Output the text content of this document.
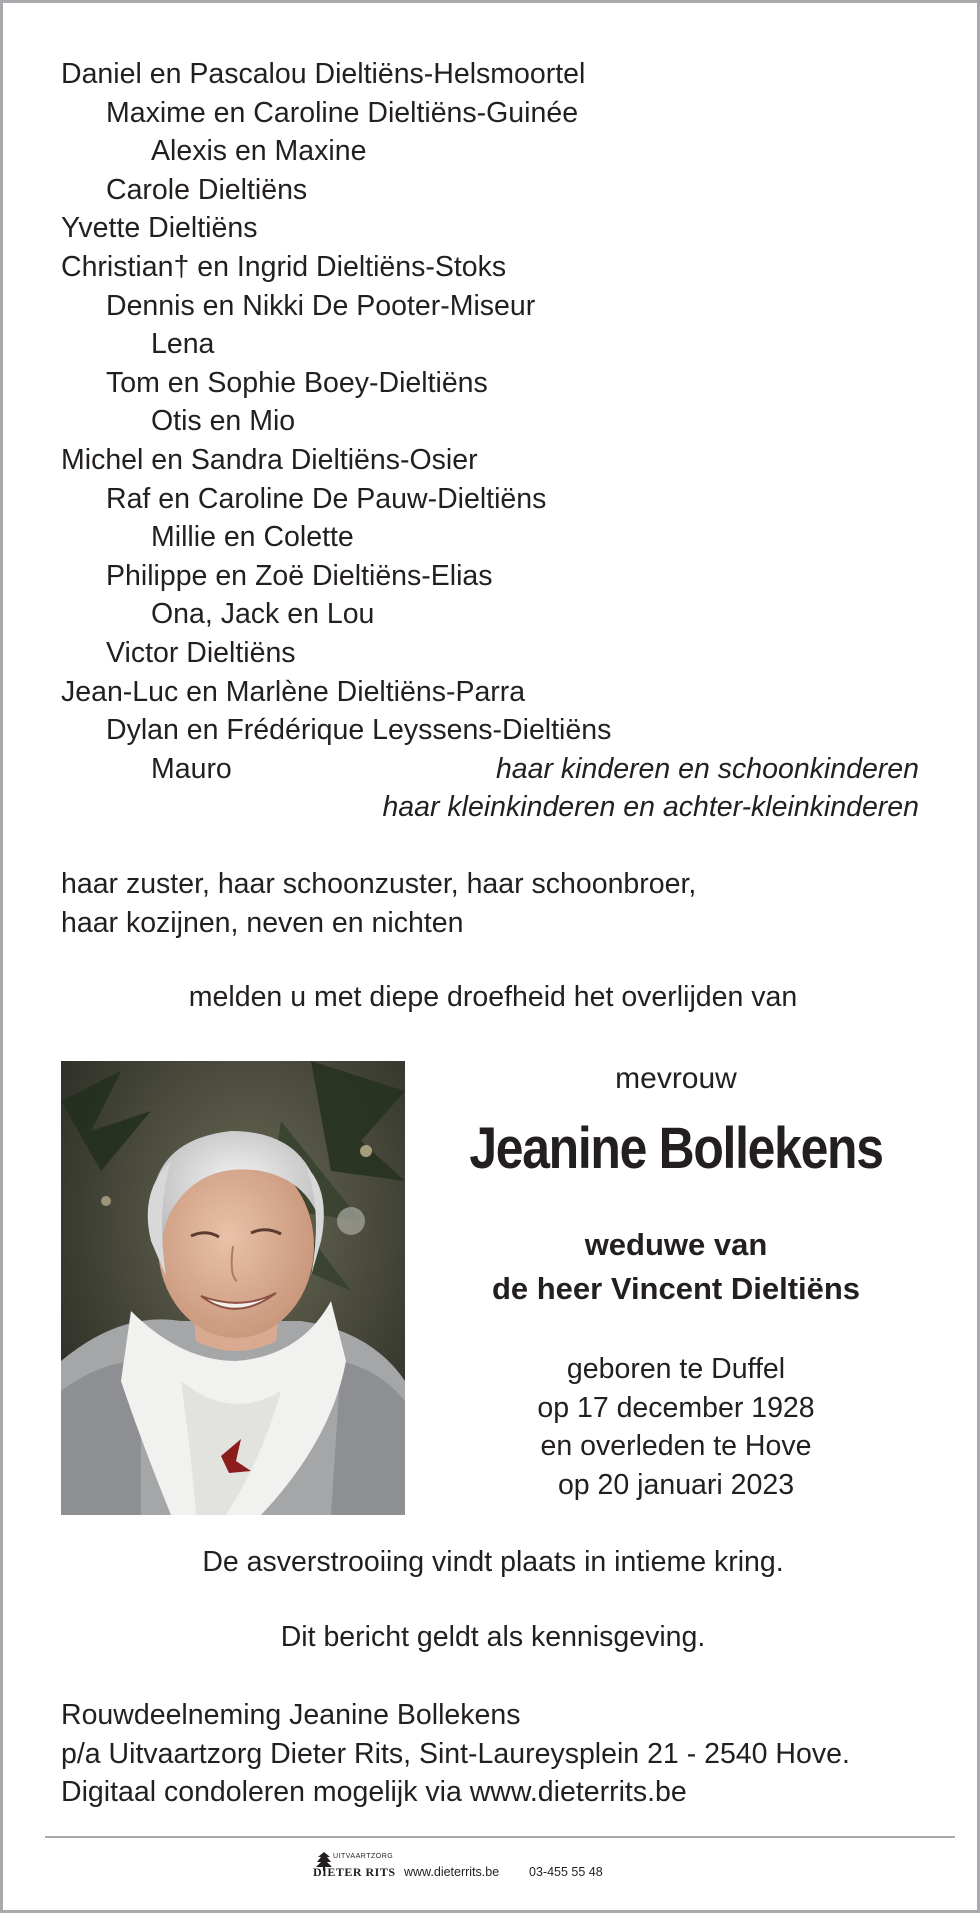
Daniel en Pascalou Dieltiëns-Helsmoortel
Maxime en Caroline Dieltiëns-Guinée
Alexis en Maxine
Carole Dieltiëns
Yvette Dieltiëns
Christian† en Ingrid Dieltiëns-Stoks
Dennis en Nikki De Pooter-Miseur
Lena
Tom en Sophie Boey-Dieltiëns
Otis en Mio
Michel en Sandra Dieltiëns-Osier
Raf en Caroline De Pauw-Dieltiëns
Millie en Colette
Philippe en Zoë Dieltiëns-Elias
Ona, Jack en Lou
Victor Dieltiëns
Jean-Luc en Marlène Dieltiëns-Parra
Dylan en Frédérique Leyssens-Dieltiëns
Mauro	haar kinderen en schoonkinderen
haar kleinkinderen en achter-kleinkinderen
haar zuster, haar schoonzuster, haar schoonbroer,
haar kozijnen, neven en nichten
melden u met diepe droefheid het overlijden van
mevrouw
Jeanine Bollekens
weduwe van
de heer Vincent Dieltiëns
geboren te Duffel
op 17 december 1928
en overleden te Hove
op 20 januari 2023
De asverstrooiing vindt plaats in intieme kring.
Dit bericht geldt als kennisgeving.
Rouwdeelneming Jeanine Bollekens
p/a Uitvaartzorg Dieter Rits, Sint-Laureysplein 21 - 2540 Hove.
Digitaal condoleren mogelijk via www.dieterrits.be
UITVAARTZORG
DIETER RITS www.dieterrits.be 03-455 55 48
